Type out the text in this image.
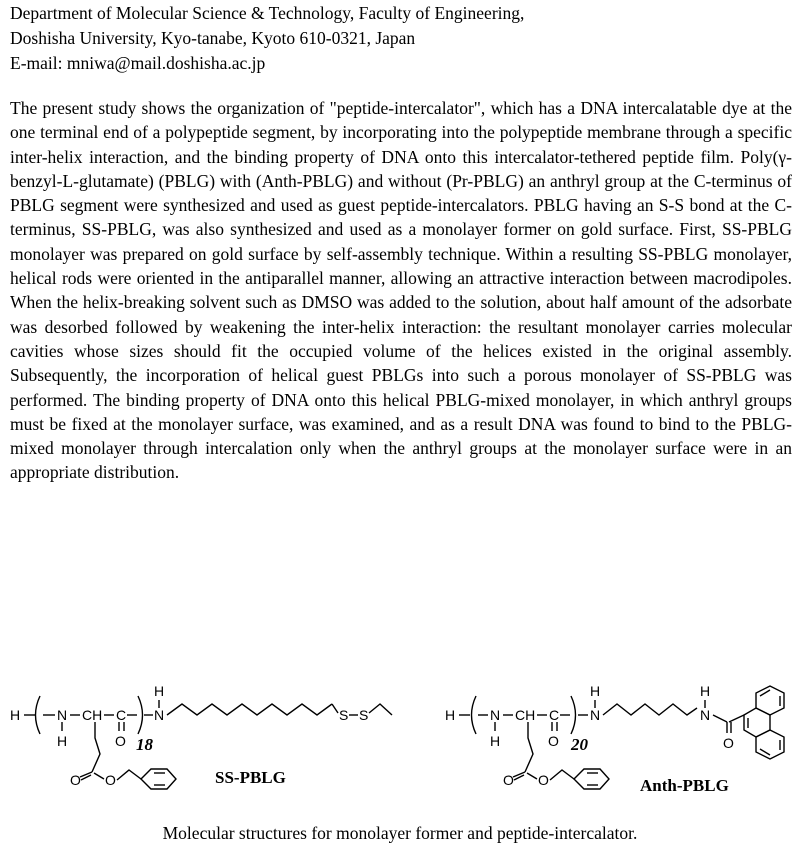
Department of Molecular Science & Technology, Faculty of Engineering,
Doshisha University, Kyo-tanabe, Kyoto 610-0321, Japan
E-mail: mniwa@mail.doshisha.ac.jp

The present study shows the organization of "peptide-intercalator", which has a DNA intercalatable dye at the one terminal end of a polypeptide segment, by incorporating into the polypeptide membrane through a specific inter-helix interaction, and the binding property of DNA onto this intercalator-tethered peptide film. Poly(γ-benzyl-L-glutamate) (PBLG) with (Anth-PBLG) and without (Pr-PBLG) an anthryl group at the C-terminus of PBLG segment were synthesized and used as guest peptide-intercalators. PBLG having an S-S bond at the C-terminus, SS-PBLG, was also synthesized and used as a monolayer former on gold surface. First, SS-PBLG monolayer was prepared on gold surface by self-assembly technique. Within a resulting SS-PBLG monolayer, helical rods were oriented in the antiparallel manner, allowing an attractive interaction between macrodipoles. When the helix-breaking solvent such as DMSO was added to the solution, about half amount of the adsorbate was desorbed followed by weakening the inter-helix interaction: the resultant monolayer carries molecular cavities whose sizes should fit the occupied volume of the helices existed in the original assembly. Subsequently, the incorporation of helical guest PBLGs into such a porous monolayer of SS-PBLG was performed. The binding property of DNA onto this helical PBLG-mixed monolayer, in which anthryl groups must be fixed at the monolayer surface, was examined, and as a result DNA was found to bind to the PBLG-mixed monolayer through intercalation only when the anthryl groups at the monolayer surface were in an appropriate distribution.

H	N
H
CH C
O 18
N
H
S S
O O	SS-PBLG
H N
H
CH C
O 20
N
H
N
H
O
O O	Anth-PBLG
Molecular structures for monolayer former and peptide-intercalator.
